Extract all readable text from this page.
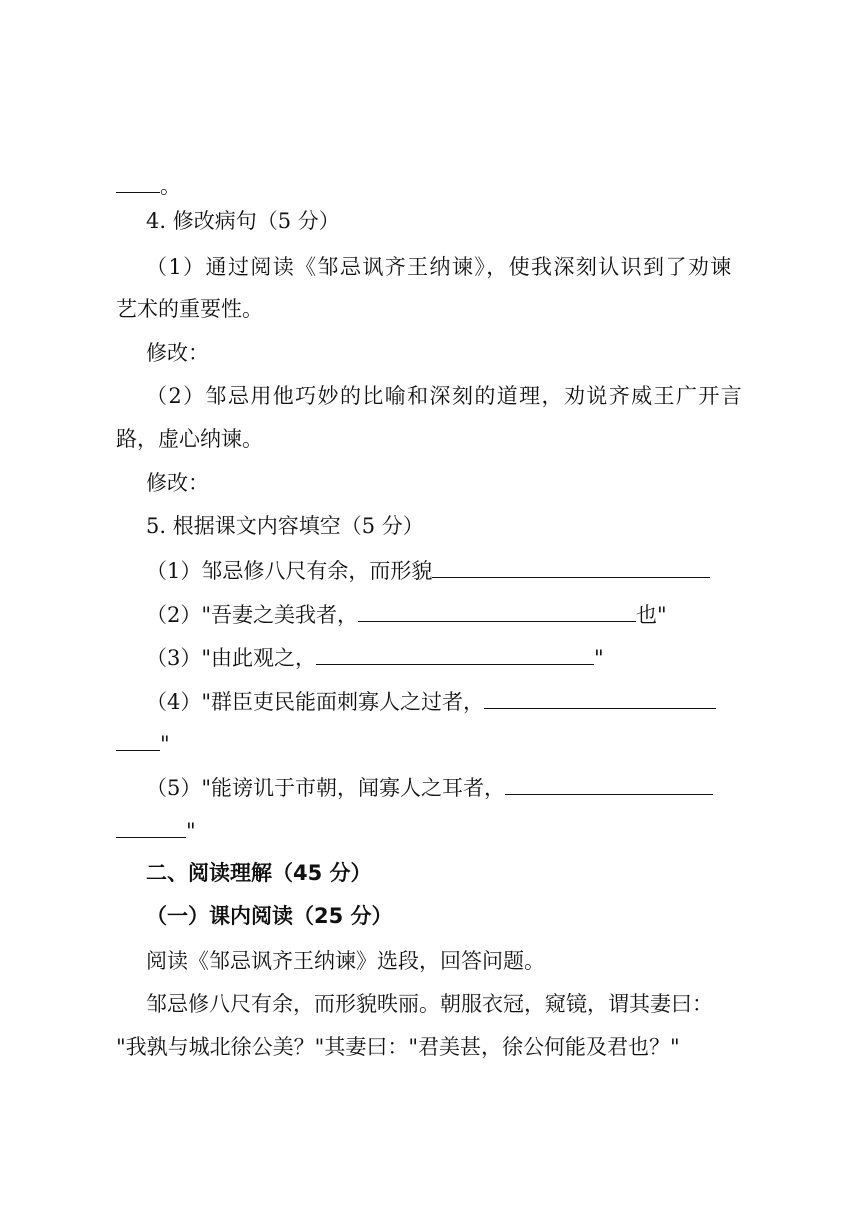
。
4. 修改病句（5 分）
（1）通过阅读《邹忌讽齐王纳谏》，使我深刻认识到了劝谏
艺术的重要性。
修改：
（2）邹忌用他巧妙的比喻和深刻的道理，劝说齐威王广开言
路，虚心纳谏。
修改：
5. 根据课文内容填空（5 分）
（1）邹忌修八尺有余，而形貌
（2）"吾妻之美我者，	也"
（3）"由此观之，	"
（4）"群臣吏民能面刺寡人之过者，
"
（5）"能谤讥于市朝，闻寡人之耳者，
"
二、阅读理解（45 分）
（一）课内阅读（25 分）
阅读《邹忌讽齐王纳谏》选段，回答问题。
邹忌修八尺有余，而形貌昳丽。朝服衣冠，窥镜，谓其妻曰：
"我孰与城北徐公美？"其妻曰："君美甚，徐公何能及君也？"
